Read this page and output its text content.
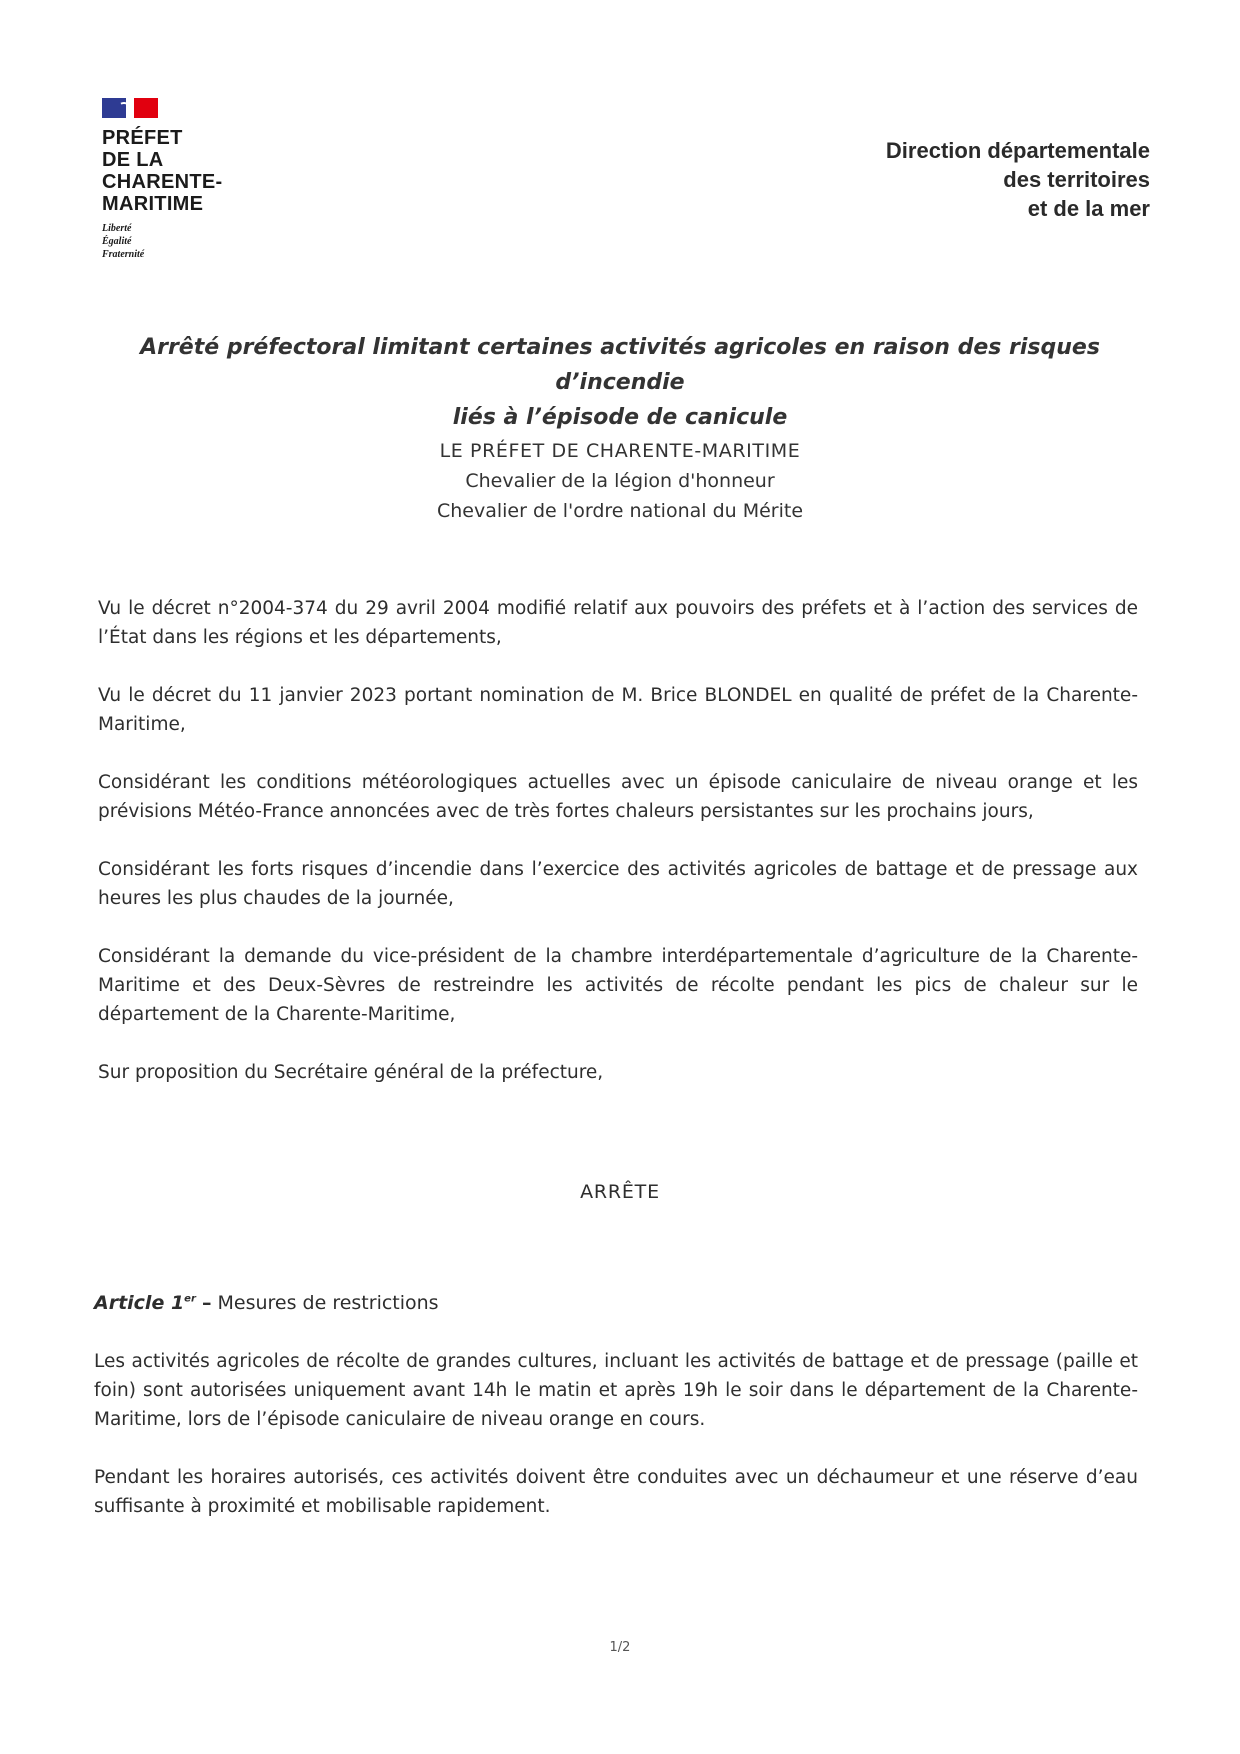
PRÉFET
DE LA
CHARENTE-
MARITIME
Liberté
Égalité
Fraternité
Direction départementale
des territoires
et de la mer
Arrêté préfectoral limitant certaines activités agricoles en raison des risques d’incendie
liés à l’épisode de canicule
LE PRÉFET DE CHARENTE-MARITIME
Chevalier de la légion d'honneur
Chevalier de l'ordre national du Mérite
Vu le décret n°2004-374 du 29 avril 2004 modifié relatif aux pouvoirs des préfets et à l’action des services de l’État dans les régions et les départements,
Vu le décret du 11 janvier 2023 portant nomination de M. Brice BLONDEL en qualité de préfet de la Charente-Maritime,
Considérant les conditions météorologiques actuelles avec un épisode caniculaire de niveau orange et les prévisions Météo-France annoncées avec de très fortes chaleurs persistantes sur les prochains jours,
Considérant les forts risques d’incendie dans l’exercice des activités agricoles de battage et de pressage aux heures les plus chaudes de la journée,
Considérant la demande du vice-président de la chambre interdépartementale d’agriculture de la Charente-Maritime et des Deux-Sèvres de restreindre les activités de récolte pendant les pics de chaleur sur le département de la Charente-Maritime,
Sur proposition du Secrétaire général de la préfecture,
ARRÊTE
Article 1er – Mesures de restrictions
Les activités agricoles de récolte de grandes cultures, incluant les activités de battage et de pressage (paille et foin) sont autorisées uniquement avant 14h le matin et après 19h le soir dans le département de la Charente-Maritime, lors de l’épisode caniculaire de niveau orange en cours.
Pendant les horaires autorisés, ces activités doivent être conduites avec un déchaumeur et une réserve d’eau suffisante à proximité et mobilisable rapidement.
1/2
